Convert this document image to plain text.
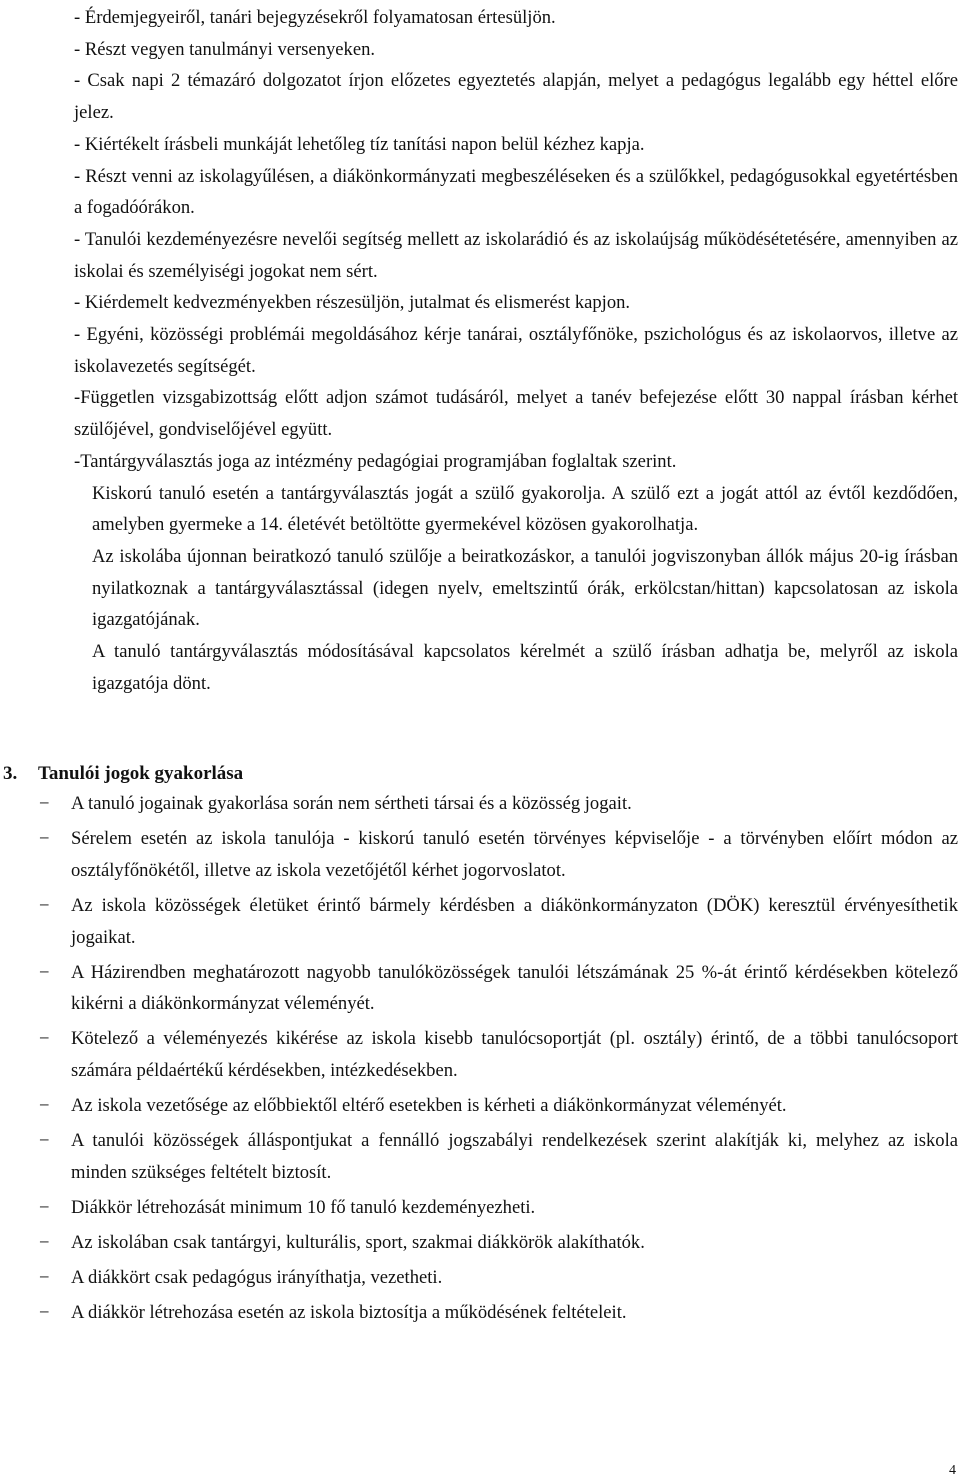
- Érdemjegyeiről, tanári bejegyzésekről folyamatosan értesüljön.

- Részt vegyen tanulmányi versenyeken.

- Csak napi 2 témazáró dolgozatot írjon előzetes egyeztetés alapján, melyet a pedagógus legalább egy héttel előre jelez.

- Kiértékelt írásbeli munkáját lehetőleg tíz tanítási napon belül kézhez kapja.

- Részt venni az iskolagyűlésen, a diákönkormányzati megbeszéléseken és a szülőkkel, pedagógusokkal egyetértésben a fogadóórákon.

- Tanulói kezdeményezésre nevelői segítség mellett az iskolarádió és az iskolaújság működésétetésére, amennyiben az iskolai és személyiségi jogokat nem sért.

- Kiérdemelt kedvezményekben részesüljön, jutalmat és elismerést kapjon.

- Egyéni, közösségi problémái megoldásához kérje tanárai, osztályfőnöke, pszichológus és az iskolaorvos, illetve az iskolavezetés segítségét.

-Független vizsgabizottság előtt adjon számot tudásáról, melyet a tanév befejezése előtt 30 nappal írásban kérhet szülőjével, gondviselőjével együtt.

-Tantárgyválasztás joga az intézmény pedagógiai programjában foglaltak szerint.

Kiskorú tanuló esetén a tantárgyválasztás jogát a szülő gyakorolja. A szülő ezt a jogát attól az évtől kezdődően, amelyben gyermeke a 14. életévét betöltötte gyermekével közösen gyakorolhatja.

Az iskolába újonnan beiratkozó tanuló szülője a beiratkozáskor, a tanulói jogviszonyban állók május 20-ig írásban nyilatkoznak a tantárgyválasztással (idegen nyelv, emeltszintű órák, erkölcstan/hittan) kapcsolatosan az iskola igazgatójának.

A tanuló tantárgyválasztás módosításával kapcsolatos kérelmét a szülő írásban adhatja be, melyről az iskola igazgatója dönt.

3. Tanulói jogok gyakorlása
− A tanuló jogainak gyakorlása során nem sértheti társai és a közösség jogait.
− Sérelem esetén az iskola tanulója - kiskorú tanuló esetén törvényes képviselője - a törvényben előírt módon az osztályfőnökétől, illetve az iskola vezetőjétől kérhet jogorvoslatot.
− Az iskola közösségek életüket érintő bármely kérdésben a diákönkormányzaton (DÖK) keresztül érvényesíthetik jogaikat.
− A Házirendben meghatározott nagyobb tanulóközösségek tanulói létszámának 25 %-át érintő kérdésekben kötelező kikérni a diákönkormányzat véleményét.
− Kötelező a véleményezés kikérése az iskola kisebb tanulócsoportját (pl. osztály) érintő, de a többi tanulócsoport számára példaértékű kérdésekben, intézkedésekben.
− Az iskola vezetősége az előbbiektől eltérő esetekben is kérheti a diákönkormányzat véleményét.
− A tanulói közösségek álláspontjukat a fennálló jogszabályi rendelkezések szerint alakítják ki, melyhez az iskola minden szükséges feltételt biztosít.
− Diákkör létrehozását minimum 10 fő tanuló kezdeményezheti.
− Az iskolában csak tantárgyi, kulturális, sport, szakmai diákkörök alakíthatók.
− A diákkört csak pedagógus irányíthatja, vezetheti.
− A diákkör létrehozása esetén az iskola biztosítja a működésének feltételeit.
4
